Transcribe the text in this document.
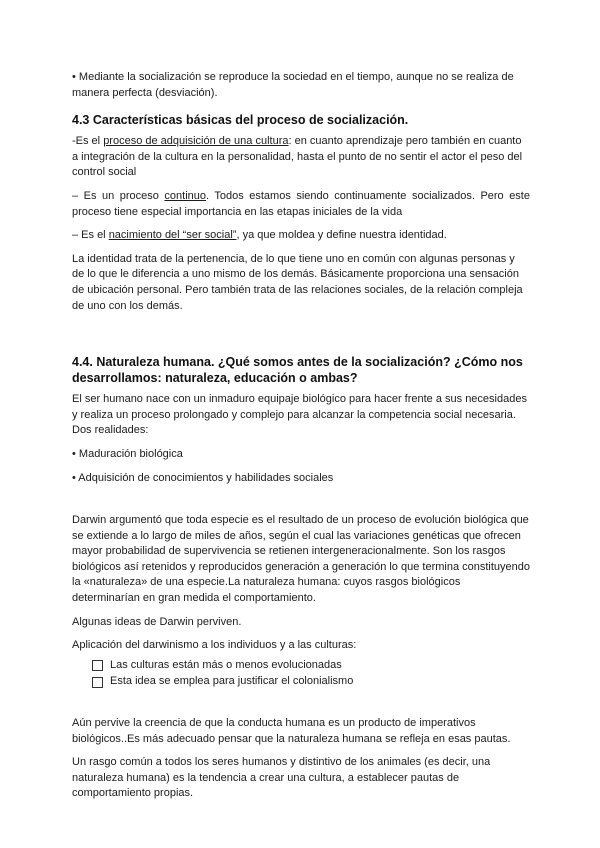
• Mediante la socialización se reproduce la sociedad en el tiempo, aunque no se realiza de manera perfecta (desviación).

4.3 Características básicas del proceso de socialización.

-Es el proceso de adquisición de una cultura: en cuanto aprendizaje pero también en cuanto a integración de la cultura en la personalidad, hasta el punto de no sentir el actor el peso del control social

– Es un proceso continuo. Todos estamos siendo continuamente socializados. Pero este proceso tiene especial importancia en las etapas iniciales de la vida

– Es el nacimiento del “ser social”, ya que moldea y define nuestra identidad.

La identidad trata de la pertenencia, de lo que tiene uno en común con algunas personas y de lo que le diferencia a uno mismo de los demás. Básicamente proporciona una sensación de ubicación personal. Pero también trata de las relaciones sociales, de la relación compleja de uno con los demás.

4.4. Naturaleza humana. ¿Qué somos antes de la socialización? ¿Cómo nos desarrollamos: naturaleza, educación o ambas?

El ser humano nace con un inmaduro equipaje biológico para hacer frente a sus necesidades y realiza un proceso prolongado y complejo para alcanzar la competencia social necesaria. Dos realidades:

• Maduración biológica

• Adquisición de conocimientos y habilidades sociales

Darwin argumentó que toda especie es el resultado de un proceso de evolución biológica que se extiende a lo largo de miles de años, según el cual las variaciones genéticas que ofrecen mayor probabilidad de supervivencia se retienen intergeneracionalmente. Son los rasgos biológicos así retenidos y reproducidos generación a generación lo que termina constituyendo la «naturaleza» de una especie.La naturaleza humana: cuyos rasgos biológicos determinarían en gran medida el comportamiento.

Algunas ideas de Darwin perviven.

Aplicación del darwinismo a los individuos y a las culturas:

Las culturas están más o menos evolucionadas
Esta idea se emplea para justificar el colonialismo

Aún pervive la creencia de que la conducta humana es un producto de imperativos biológicos..Es más adecuado pensar que la naturaleza humana se refleja en esas pautas.

Un rasgo común a todos los seres humanos y distintivo de los animales (es decir, una naturaleza humana) es la tendencia a crear una cultura, a establecer pautas de comportamiento propias.
